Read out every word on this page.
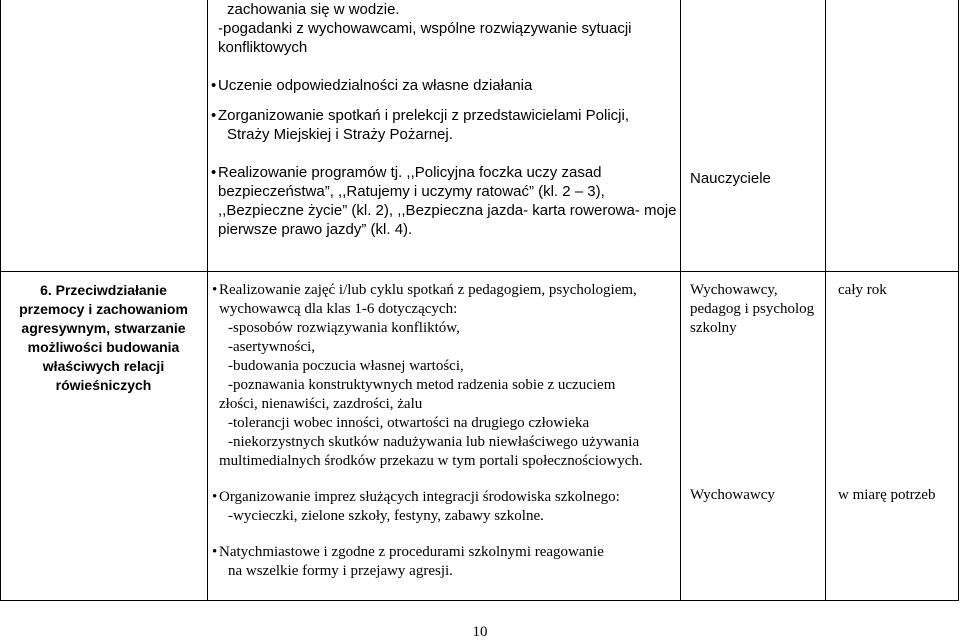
zachowania się w wodzie.
-pogadanki z wychowawcami, wspólne rozwiązywanie sytuacji
konfliktowych
• Uczenie odpowiedzialności za własne działania
• Zorganizowanie spotkań i prelekcji z przedstawicielami Policji,
Straży Miejskiej i Straży Pożarnej.
• Realizowanie programów tj. ,,Policyjna foczka uczy zasad
bezpieczeństwa”, ,,Ratujemy i uczymy ratować” (kl. 2 – 3),
,,Bezpieczne życie” (kl. 2), ,,Bezpieczna jazda- karta rowerowa- moje
pierwsze prawo jazdy” (kl. 4).
Nauczyciele
6. Przeciwdziałanie
przemocy i zachowaniom
agresywnym, stwarzanie
możliwości budowania
właściwych relacji
rówieśniczych
• Realizowanie zajęć i/lub cyklu spotkań z pedagogiem, psychologiem,
wychowawcą dla klas 1-6 dotyczących:
-sposobów rozwiązywania konfliktów,
-asertywności,
-budowania poczucia własnej wartości,
-poznawania konstruktywnych metod radzenia sobie z uczuciem
złości, nienawiści, zazdrości, żalu
-tolerancji wobec inności, otwartości na drugiego człowieka
-niekorzystnych skutków nadużywania lub niewłaściwego używania
multimedialnych środków przekazu w tym portali społecznościowych.
• Organizowanie imprez służących integracji środowiska szkolnego:
-wycieczki, zielone szkoły, festyny, zabawy szkolne.
• Natychmiastowe i zgodne z procedurami szkolnymi reagowanie
na wszelkie formy i przejawy agresji.
Wychowawcy,
pedagog i psycholog
szkolny
Wychowawcy
cały rok
w miarę potrzeb
10
